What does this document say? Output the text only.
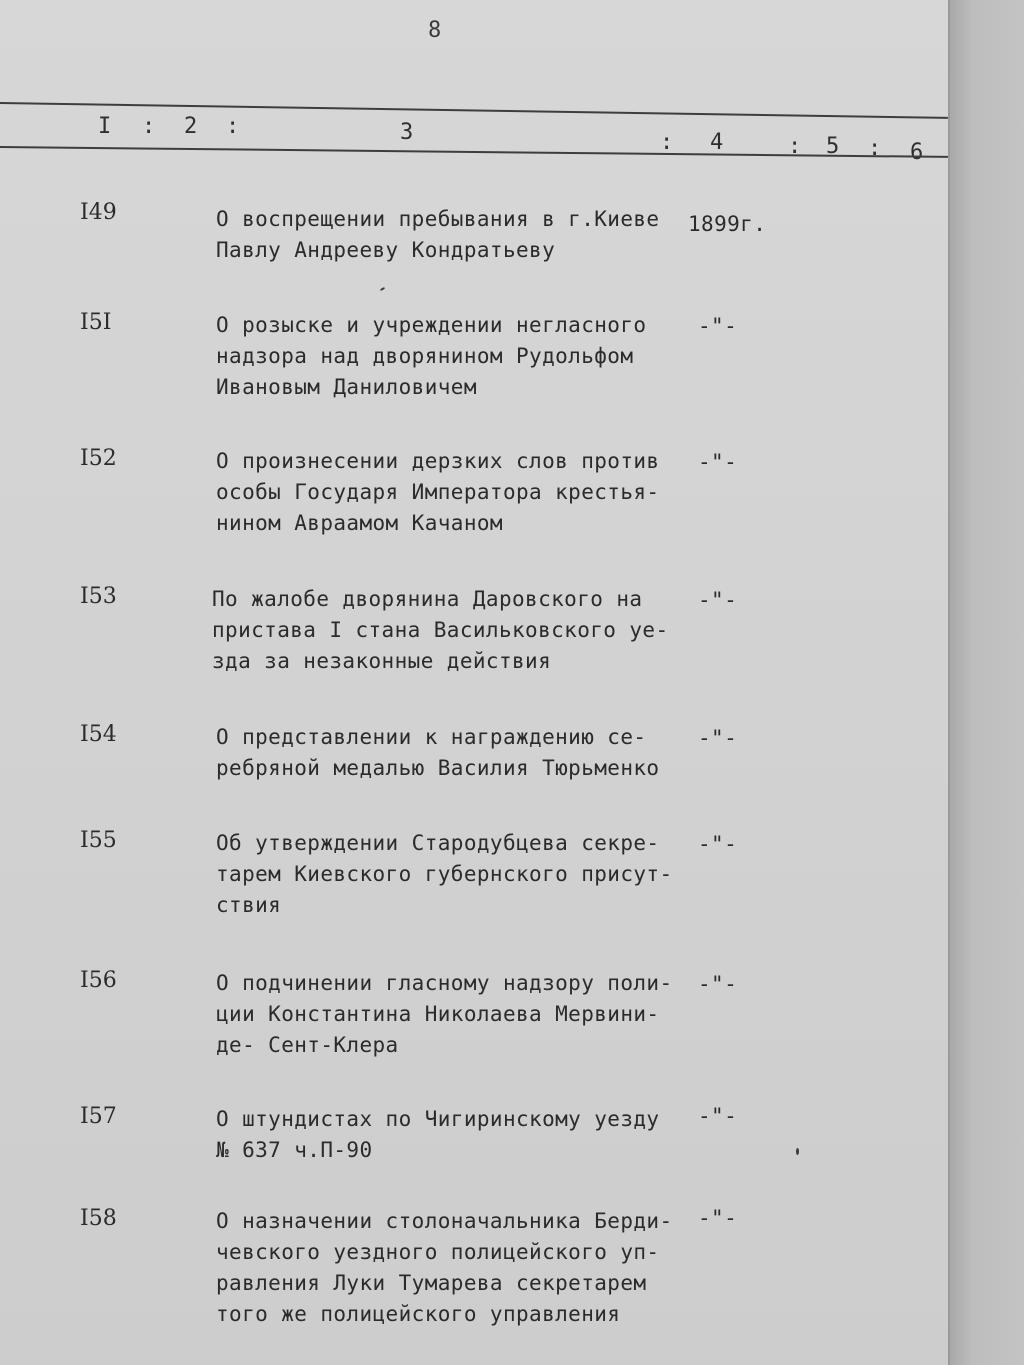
8
I : 2 :	3	: 4	: 5 : 6
I49	О воспрещении пребывания в г.Киеве
Павлу Андрееву Кондратьеву
1899г.
I5I	О розыске и учреждении негласного
надзора над дворянином Рудольфом
Ивановым Даниловичем
-"-
I52	О произнесении дерзких слов против
особы Государя Императора крестья-
нином Авраамом Качаном
-"-
I53	По жалобе дворянина Даровского на
пристава I стана Васильковского уе-
зда за незаконные действия
-"-
I54	О представлении к награждению се-
ребряной медалью Василия Тюрьменко
-"-
I55	Об утверждении Стародубцева секре-
тарем Киевского губернского присут-
ствия
-"-
I56	О подчинении гласному надзору поли-
ции Константина Николаева Мервини-
де- Сент-Клера
-"-
I57	О штундистах по Чигиринскому уезду
№ 637 ч.П-90
-"-
I58	О назначении столоначальника Берди-
чевского уездного полицейского уп-
равления Луки Тумарева секретарем
того же полицейского управления
-"-
